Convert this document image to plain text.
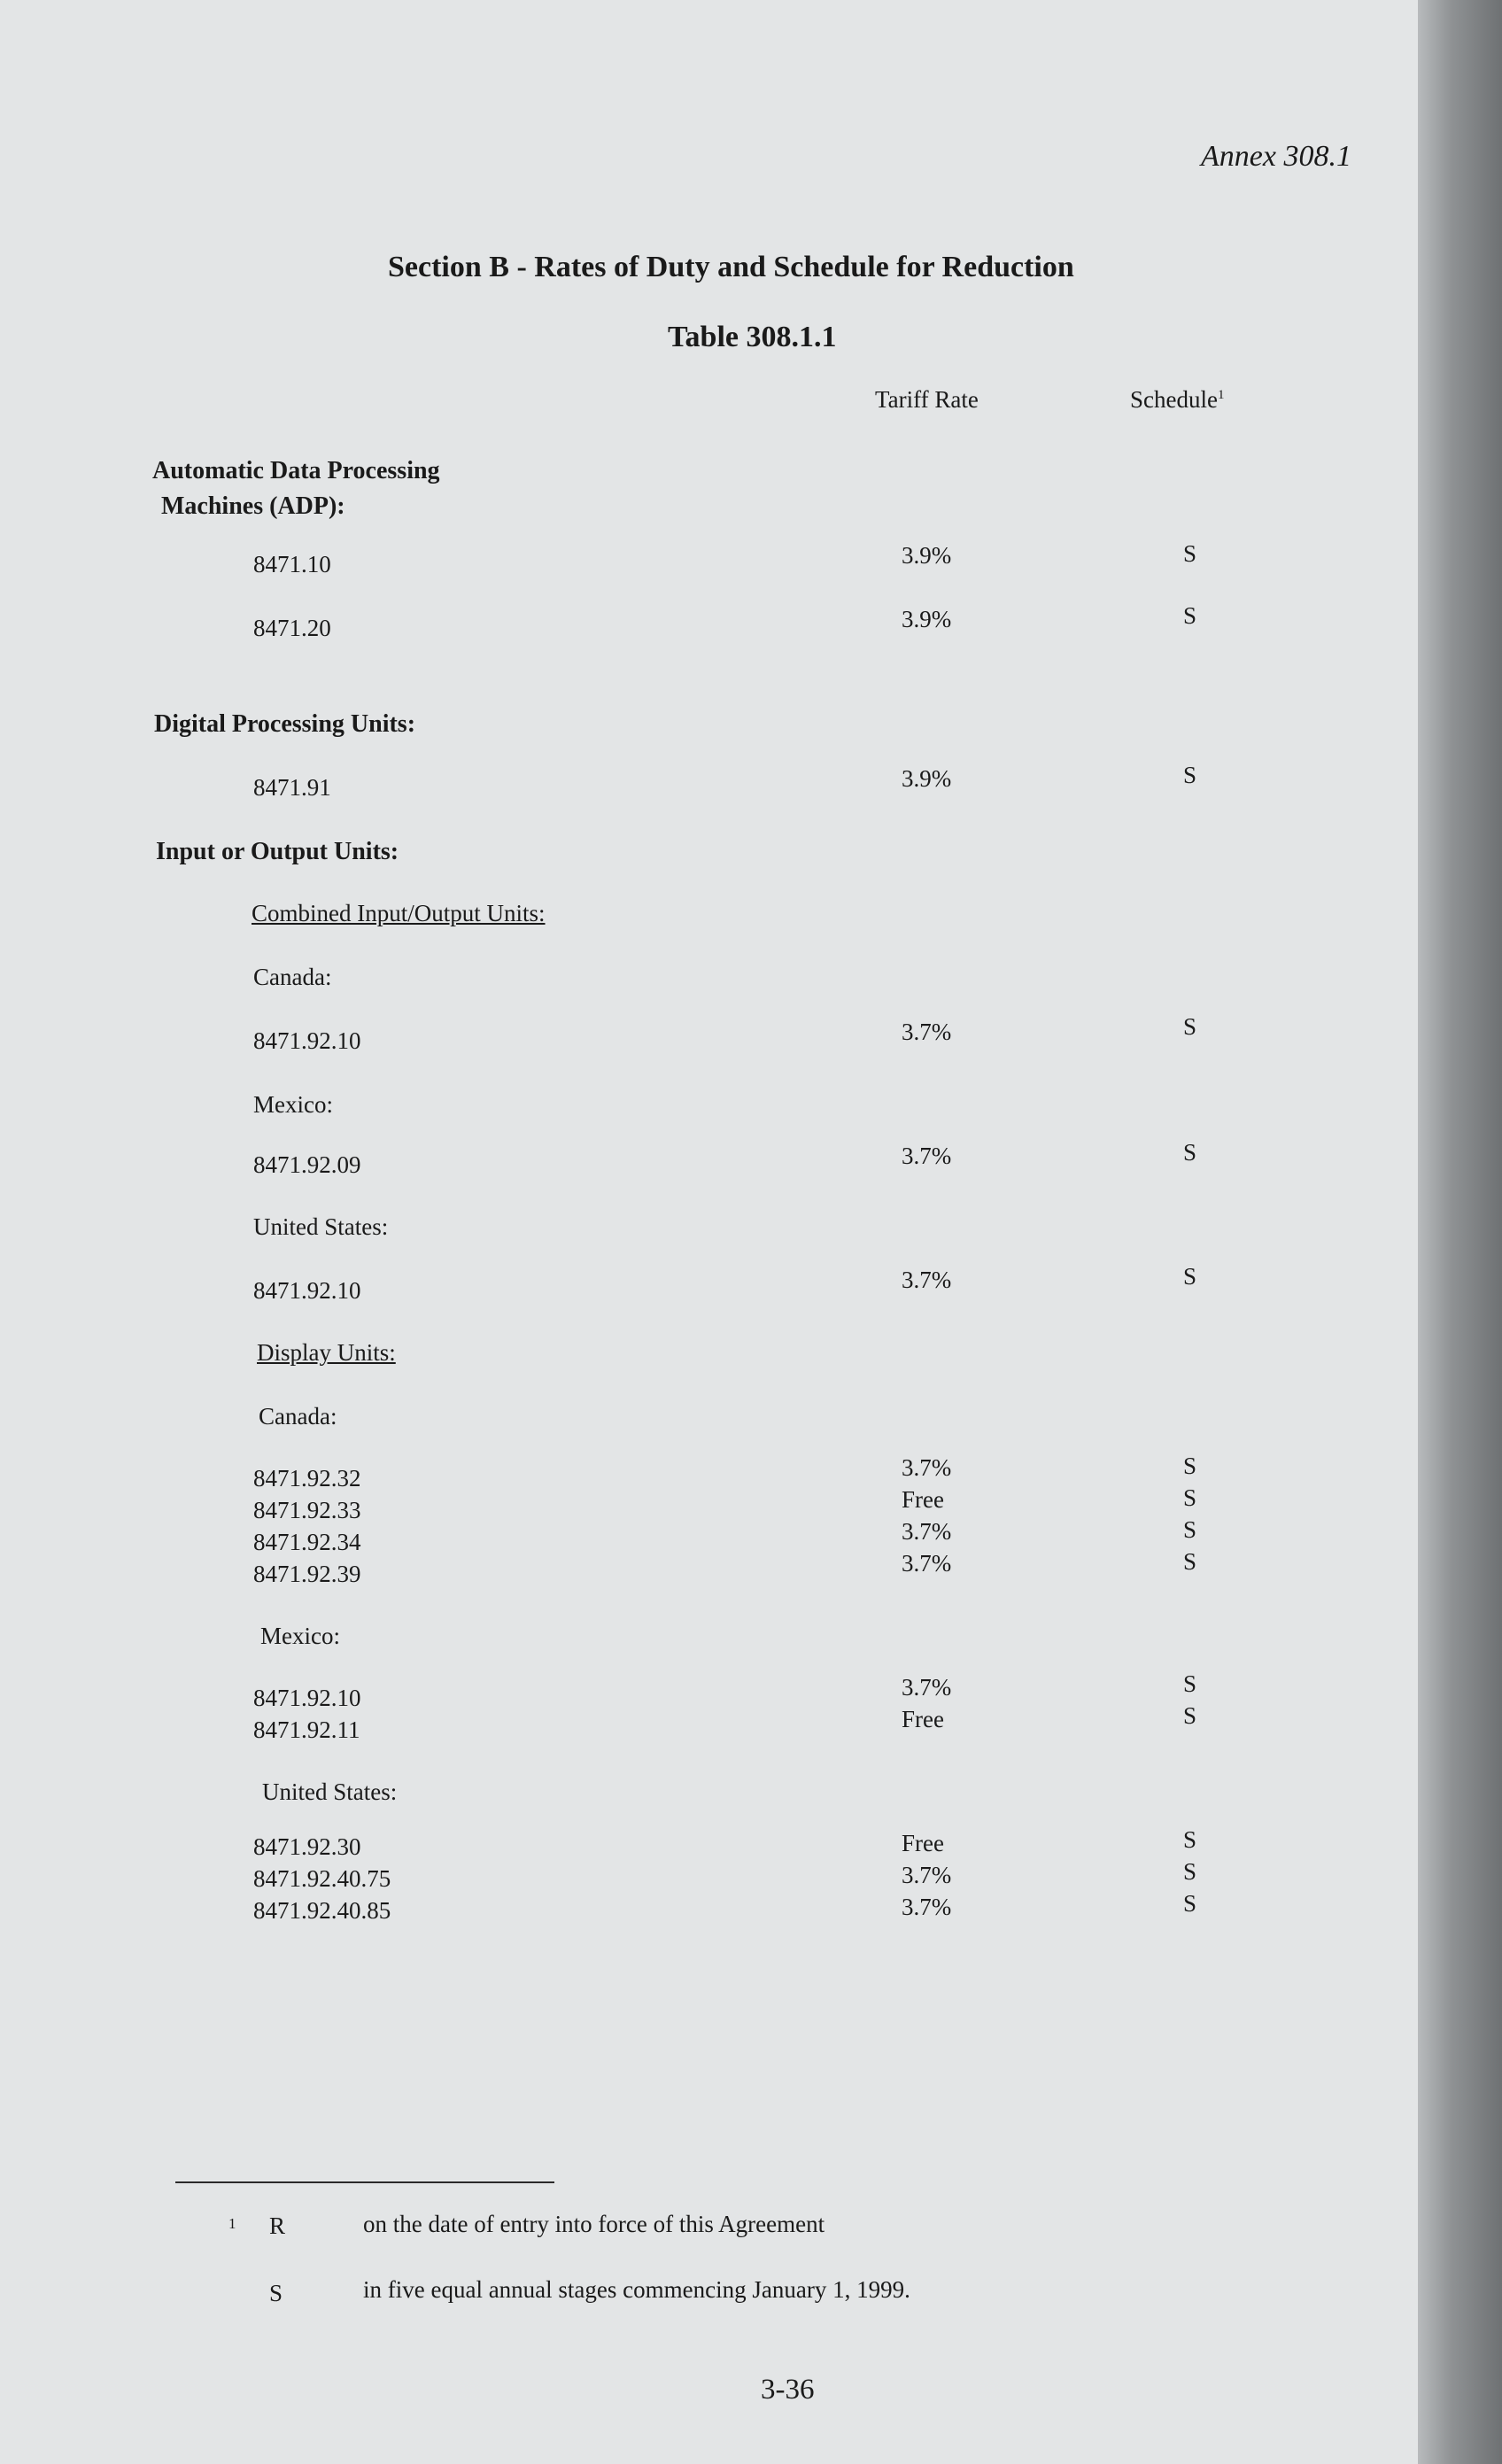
Annex 308.1
Section B - Rates of Duty and Schedule for Reduction
Table 308.1.1
Tariff Rate	Schedule$^1$
Automatic Data Processing
Machines (ADP):
8471.10	3.9%	S
8471.20	3.9%	S
Digital Processing Units:
8471.91	3.9%	S
Input or Output Units:
Combined Input/Output Units:
Canada:
8471.92.10	3.7%	S
Mexico:
8471.92.09	3.7%	S
United States:
8471.92.10	3.7%	S
Display Units:
Canada:
8471.92.32	3.7%	S
8471.92.33	Free	S
8471.92.34	3.7%	S
8471.92.39	3.7%	S
Mexico:
8471.92.10	3.7%	S
8471.92.11	Free	S
United States:
8471.92.30	Free	S
8471.92.40.75	3.7%	S
8471.92.40.85	3.7%	S
1 R	on the date of entry into force of this Agreement
S	in five equal annual stages commencing January 1, 1999.
3-36
